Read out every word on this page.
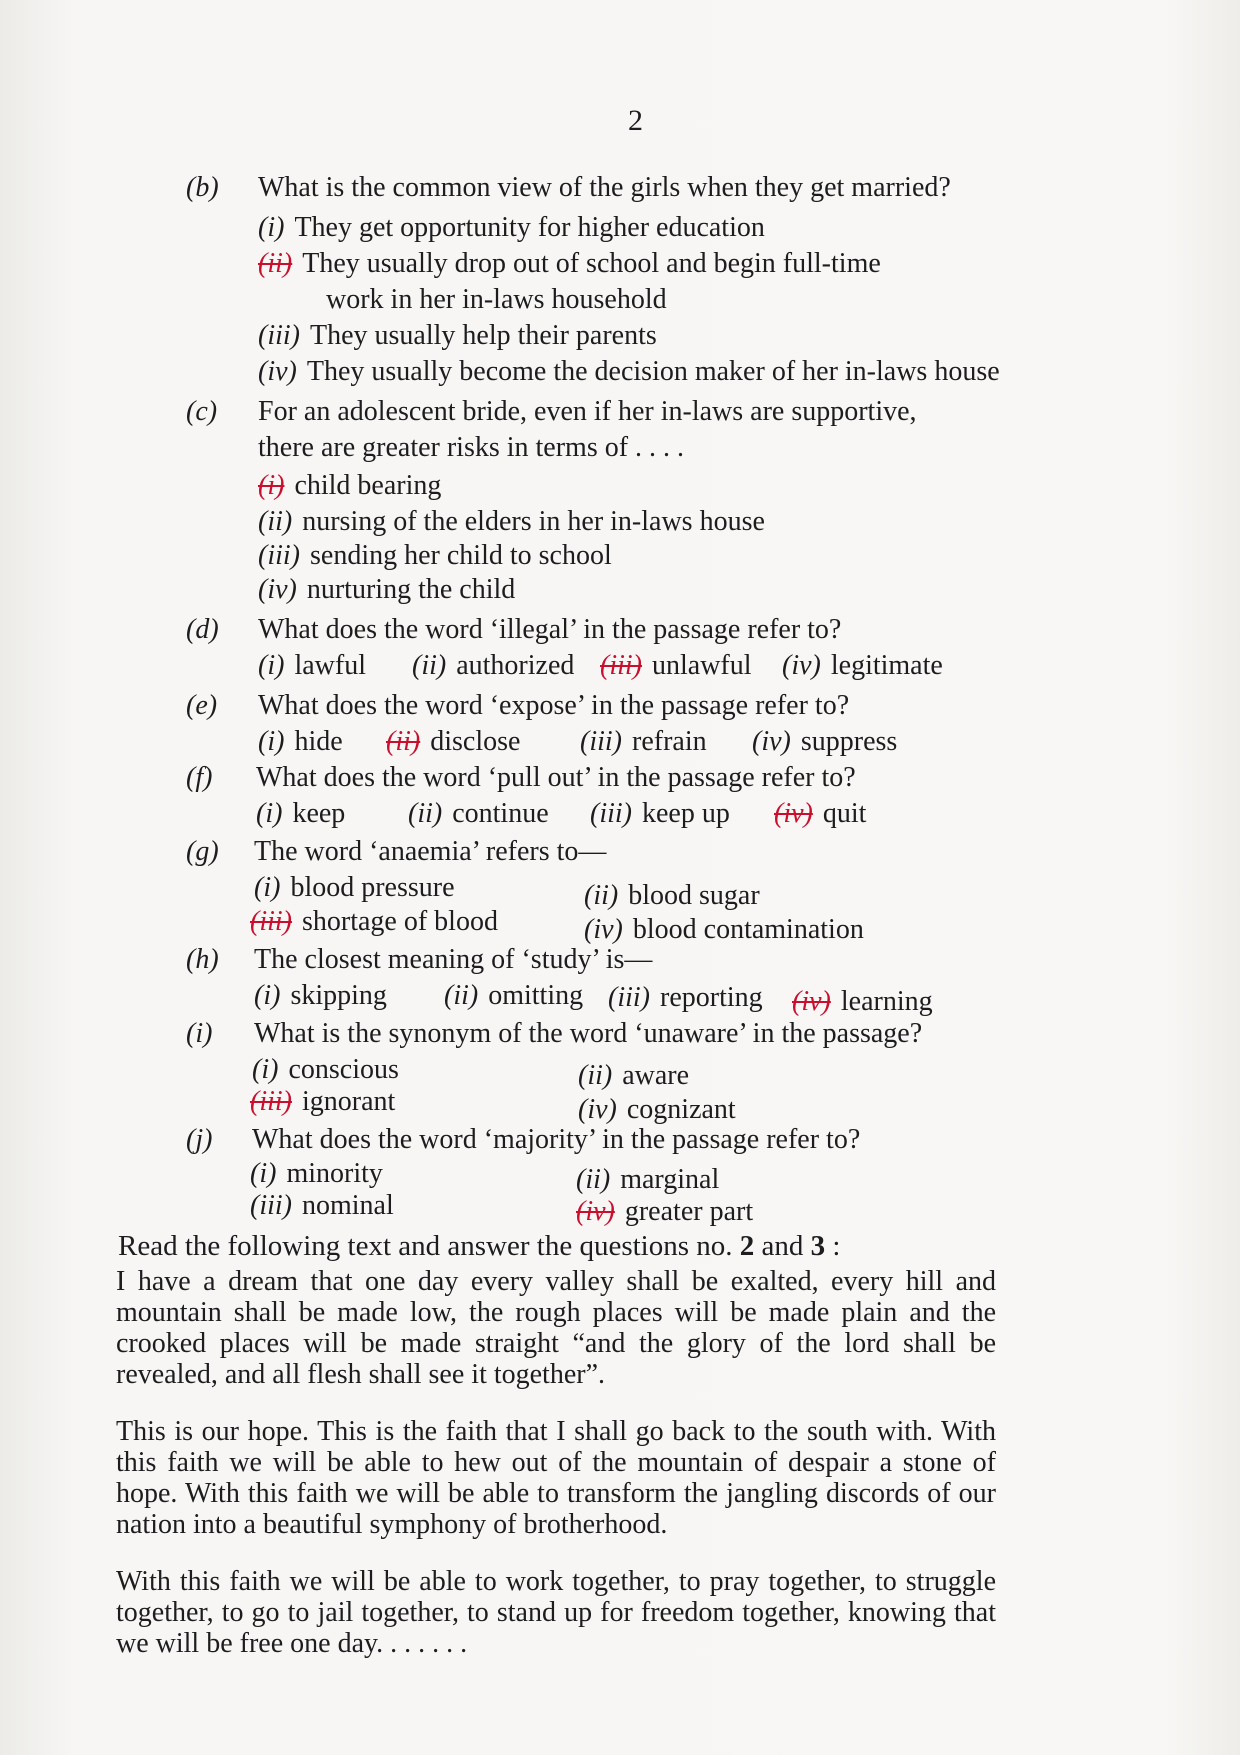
2
(b) What is the common view of the girls when they get married?
(i) They get opportunity for higher education
(ii) They usually drop out of school and begin full-time
work in her in-laws household
(iii) They usually help their parents
(iv) They usually become the decision maker of her in-laws house
(c) For an adolescent bride, even if her in-laws are supportive,
there are greater risks in terms of . . . .
(i) child bearing
(ii) nursing of the elders in her in-laws house
(iii) sending her child to school
(iv) nurturing the child
(d) What does the word ‘illegal’ in the passage refer to?
(i) lawful (ii) authorized (iii) unlawful (iv) legitimate
(e) What does the word ‘expose’ in the passage refer to?
(i) hide (ii) disclose (iii) refrain (iv) suppress
(f) What does the word ‘pull out’ in the passage refer to?
(i) keep (ii) continue (iii) keep up (iv) quit
(g) The word ‘anaemia’ refers to—
(i) blood pressure	(ii) blood sugar
(iii) shortage of blood	(iv) blood contamination
(h) The closest meaning of ‘study’ is—
(i) skipping (ii) omitting (iii) reporting (iv) learning
(i) What is the synonym of the word ‘unaware’ in the passage?
(i) conscious	(ii) aware
(iii) ignorant	(iv) cognizant
(j) What does the word ‘majority’ in the passage refer to?
(i) minority	(ii) marginal
(iii) nominal	(iv) greater part
Read the following text and answer the questions no. 2 and 3 :

I have a dream that one day every valley shall be exalted, every hill and mountain shall be made low, the rough places will be made plain and the crooked places will be made straight “and the glory of the lord shall be revealed, and all flesh shall see it together”.

This is our hope. This is the faith that I shall go back to the south with. With this faith we will be able to hew out of the mountain of despair a stone of hope. With this faith we will be able to transform the jangling discords of our nation into a beautiful symphony of brotherhood.

With this faith we will be able to work together, to pray together, to struggle together, to go to jail together, to stand up for freedom together, knowing that we will be free one day. . . . . . .
